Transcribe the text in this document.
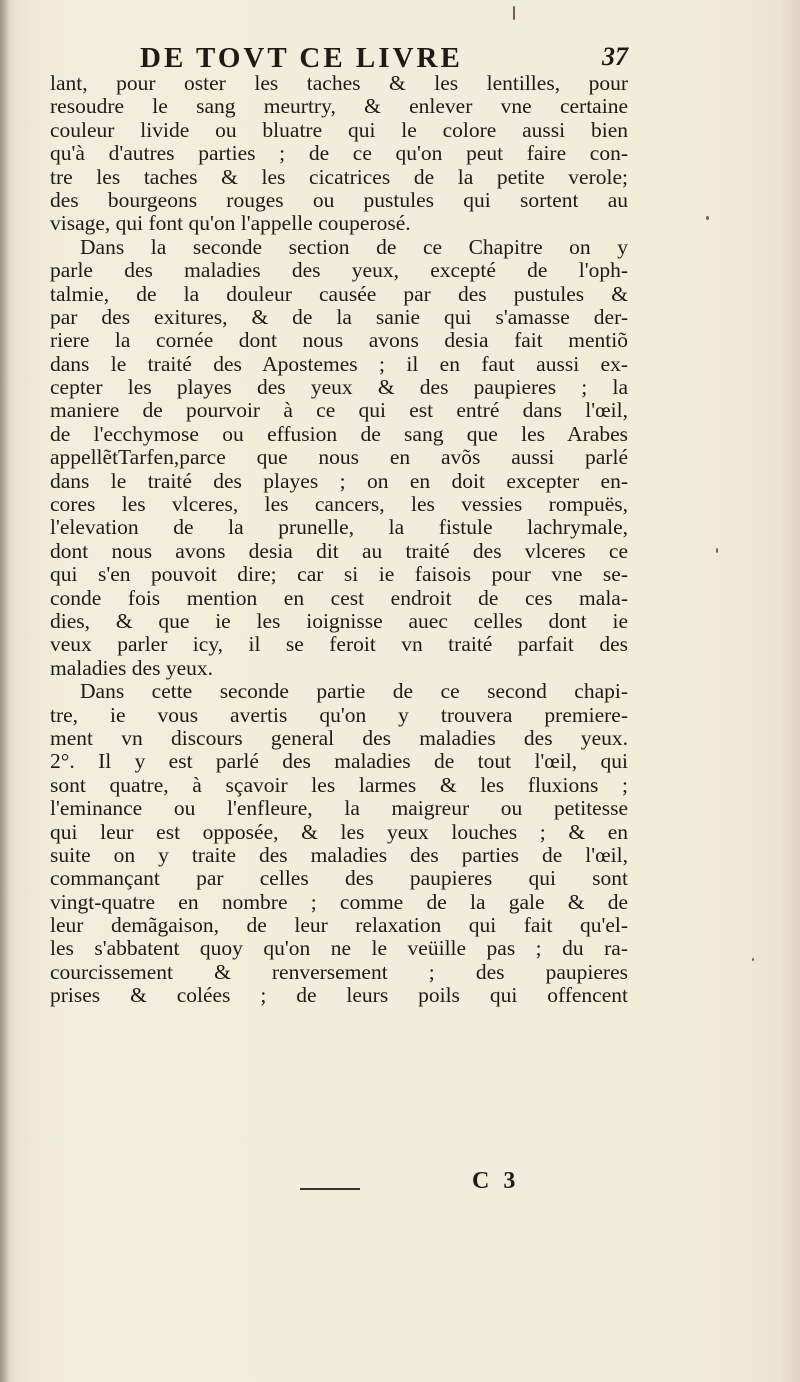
DE TOVT CE LIVRE	37
lant, pour oster les taches & les lentilles, pour
resoudre le sang meurtry, & enlever vne certaine
couleur livide ou bluatre qui le colore aussi bien
qu'à d'autres parties ; de ce qu'on peut faire con-
tre les taches & les cicatrices de la petite verole;
des bourgeons rouges ou pustules qui sortent au
visage, qui font qu'on l'appelle couperosé.
Dans la seconde section de ce Chapitre on y
parle des maladies des yeux, excepté de l'oph-
talmie, de la douleur causée par des pustules &
par des exitures, & de la sanie qui s'amasse der-
riere la cornée dont nous avons desia fait mentiõ
dans le traité des Apostemes ; il en faut aussi ex-
cepter les playes des yeux & des paupieres ; la
maniere de pourvoir à ce qui est entré dans l'œil,
de l'ecchymose ou effusion de sang que les Arabes
appellẽtTarfen,parce que nous en avõs aussi parlé
dans le traité des playes ; on en doit excepter en-
cores les vlceres, les cancers, les vessies rompuës,
l'elevation de la prunelle, la fistule lachrymale,
dont nous avons desia dit au traité des vlceres ce
qui s'en pouvoit dire; car si ie faisois pour vne se-
conde fois mention en cest endroit de ces mala-
dies, & que ie les ioignisse auec celles dont ie
veux parler icy, il se feroit vn traité parfait des
maladies des yeux.
Dans cette seconde partie de ce second chapi-
tre, ie vous avertis qu'on y trouvera premiere-
ment vn discours general des maladies des yeux.
2°. Il y est parlé des maladies de tout l'œil, qui
sont quatre, à sçavoir les larmes & les fluxions ;
l'eminance ou l'enfleure, la maigreur ou petitesse
qui leur est opposée, & les yeux louches ; & en
suite on y traite des maladies des parties de l'œil,
commançant par celles des paupieres qui sont
vingt-quatre en nombre ; comme de la gale & de
leur demãgaison, de leur relaxation qui fait qu'el-
les s'abbatent quoy qu'on ne le veüille pas ; du ra-
courcissement & renversement ; des paupieres
prises & colées ; de leurs poils qui offencent
C 3
